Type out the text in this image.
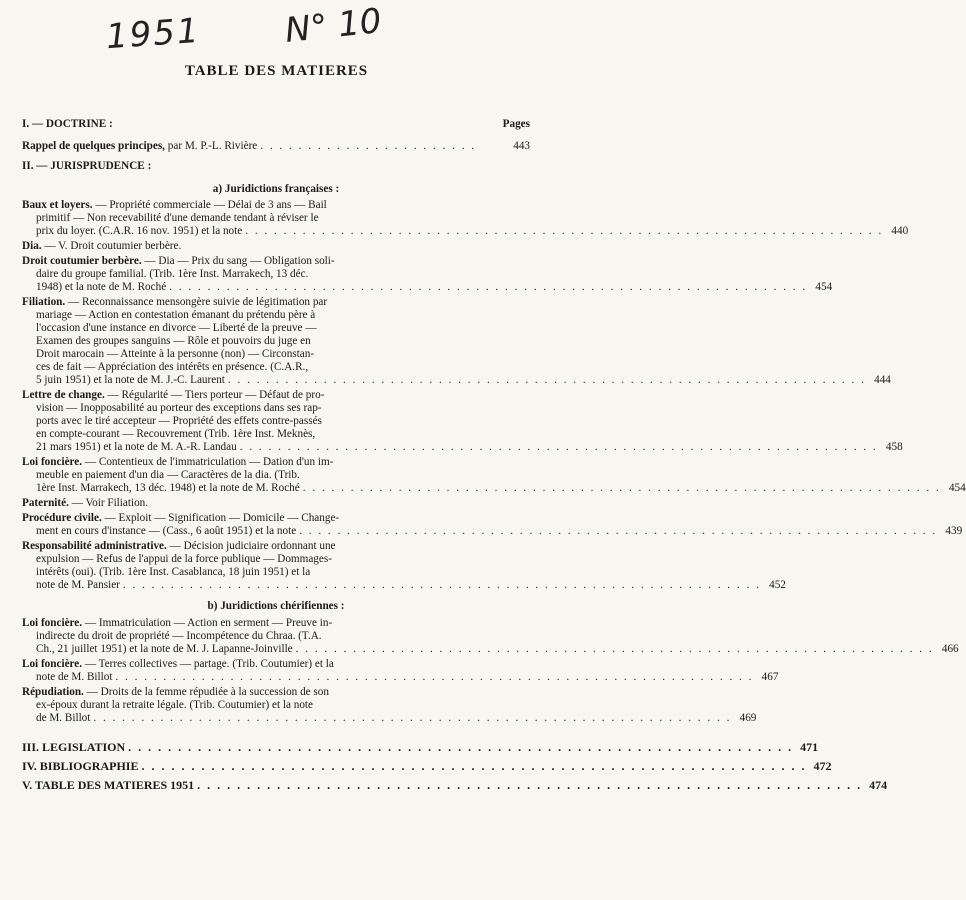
1951 N° 10
TABLE DES MATIERES
I. — DOCTRINE :	Pages
Rappel de quelques principes,
par M. P.-L. Rivière . . . . . . . . . . . . . . . . . . . . . . .	443
II. — JURISPRUDENCE :
a) Juridictions françaises :
Baux et loyers. — Propriété commerciale — Délai de 3 ans — Bail
primitif — Non recevabilité d'une demande tendant à réviser le
prix du loyer. (C.A.R. 16 nov. 1951) et la note . . . . . . . . . . . . . . . . . . . . . . . . . . . . . . . . . . . . . . . . . . . . . . . . . . . . . . . . . . . . . . . . . . . 440
Dia. — V. Droit coutumier berbère.
Droit coutumier berbère. — Dia — Prix du sang — Obligation soli-
daire du groupe familial. (Trib. 1ère Inst. Marrakech, 13 déc.
1948) et la note de M. Roché . . . . . . . . . . . . . . . . . . . . . . . . . . . . . . . . . . . . . . . . . . . . . . . . . . . . . . . . . . . . . . . . . . . 454
Filiation. — Reconnaissance mensongère suivie de légitimation par
mariage — Action en contestation émanant du prétendu père à
l'occasion d'une instance en divorce — Liberté de la preuve —
Examen des groupes sanguins — Rôle et pouvoirs du juge en
Droit marocain — Atteinte à la personne (non) — Circonstan-
ces de fait — Appréciation des intérêts en présence. (C.A.R.,
5 juin 1951) et la note de M. J.-C. Laurent . . . . . . . . . . . . . . . . . . . . . . . . . . . . . . . . . . . . . . . . . . . . . . . . . . . . . . . . . . . . . . . . . . . 444
Lettre de change. — Régularité — Tiers porteur — Défaut de pro-
vision — Inopposabilité au porteur des exceptions dans ses rap-
ports avec le tiré accepteur — Propriété des effets contre-passés
en compte-courant — Recouvrement (Trib. 1ère Inst. Meknès,
21 mars 1951) et la note de M. A.-R. Landau . . . . . . . . . . . . . . . . . . . . . . . . . . . . . . . . . . . . . . . . . . . . . . . . . . . . . . . . . . . . . . . . . . . 458
Loi foncière. — Contentieux de l'immatriculation — Dation d'un im-
meuble en paiement d'un dia — Caractères de la dia. (Trib.
1ère Inst. Marrakech, 13 déc. 1948) et la note de M. Roché . . . . . . . . . . . . . . . . . . . . . . . . . . . . . . . . . . . . . . . . . . . . . . . . . . . . . . . . . . . . . . . . . . . 454
Paternité. — Voir Filiation.
Procédure civile. — Exploit — Signification — Domicile — Change-
ment en cours d'instance — (Cass., 6 août 1951) et la note . . . . . . . . . . . . . . . . . . . . . . . . . . . . . . . . . . . . . . . . . . . . . . . . . . . . . . . . . . . . . . . . . . . 439
Responsabilité administrative. — Décision judiciaire ordonnant une
expulsion — Refus de l'appui de la force publique — Dommages-
intérêts (oui). (Trib. 1ère Inst. Casablanca, 18 juin 1951) et la
note de M. Pansier . . . . . . . . . . . . . . . . . . . . . . . . . . . . . . . . . . . . . . . . . . . . . . . . . . . . . . . . . . . . . . . . . . . 452
b) Juridictions chérifiennes :
Loi foncière. — Immatriculation — Action en serment — Preuve in-
indirecte du droit de propriété — Incompétence du Chraa. (T.A.
Ch., 21 juillet 1951) et la note de M. J. Lapanne-Joinville . . . . . . . . . . . . . . . . . . . . . . . . . . . . . . . . . . . . . . . . . . . . . . . . . . . . . . . . . . . . . . . . . . . 466
Loi foncière. — Terres collectives — partage. (Trib. Coutumier) et la
note de M. Billot . . . . . . . . . . . . . . . . . . . . . . . . . . . . . . . . . . . . . . . . . . . . . . . . . . . . . . . . . . . . . . . . . . . 467
Répudiation. — Droits de la femme répudiée à la succession de son
ex-époux durant la retraite légale. (Trib. Coutumier) et la note
de M. Billot . . . . . . . . . . . . . . . . . . . . . . . . . . . . . . . . . . . . . . . . . . . . . . . . . . . . . . . . . . . . . . . . . . . 469
III. LEGISLATION . . . . . . . . . . . . . . . . . . . . . . . . . . . . . . . . . . . . . . . . . . . . . . . . . . . . . . . . . . . . . . . . . . . 471
IV. BIBLIOGRAPHIE . . . . . . . . . . . . . . . . . . . . . . . . . . . . . . . . . . . . . . . . . . . . . . . . . . . . . . . . . . . . . . . . . . . 472
V. TABLE DES MATIERES 1951 . . . . . . . . . . . . . . . . . . . . . . . . . . . . . . . . . . . . . . . . . . . . . . . . . . . . . . . . . . . . . . . . . . . 474
